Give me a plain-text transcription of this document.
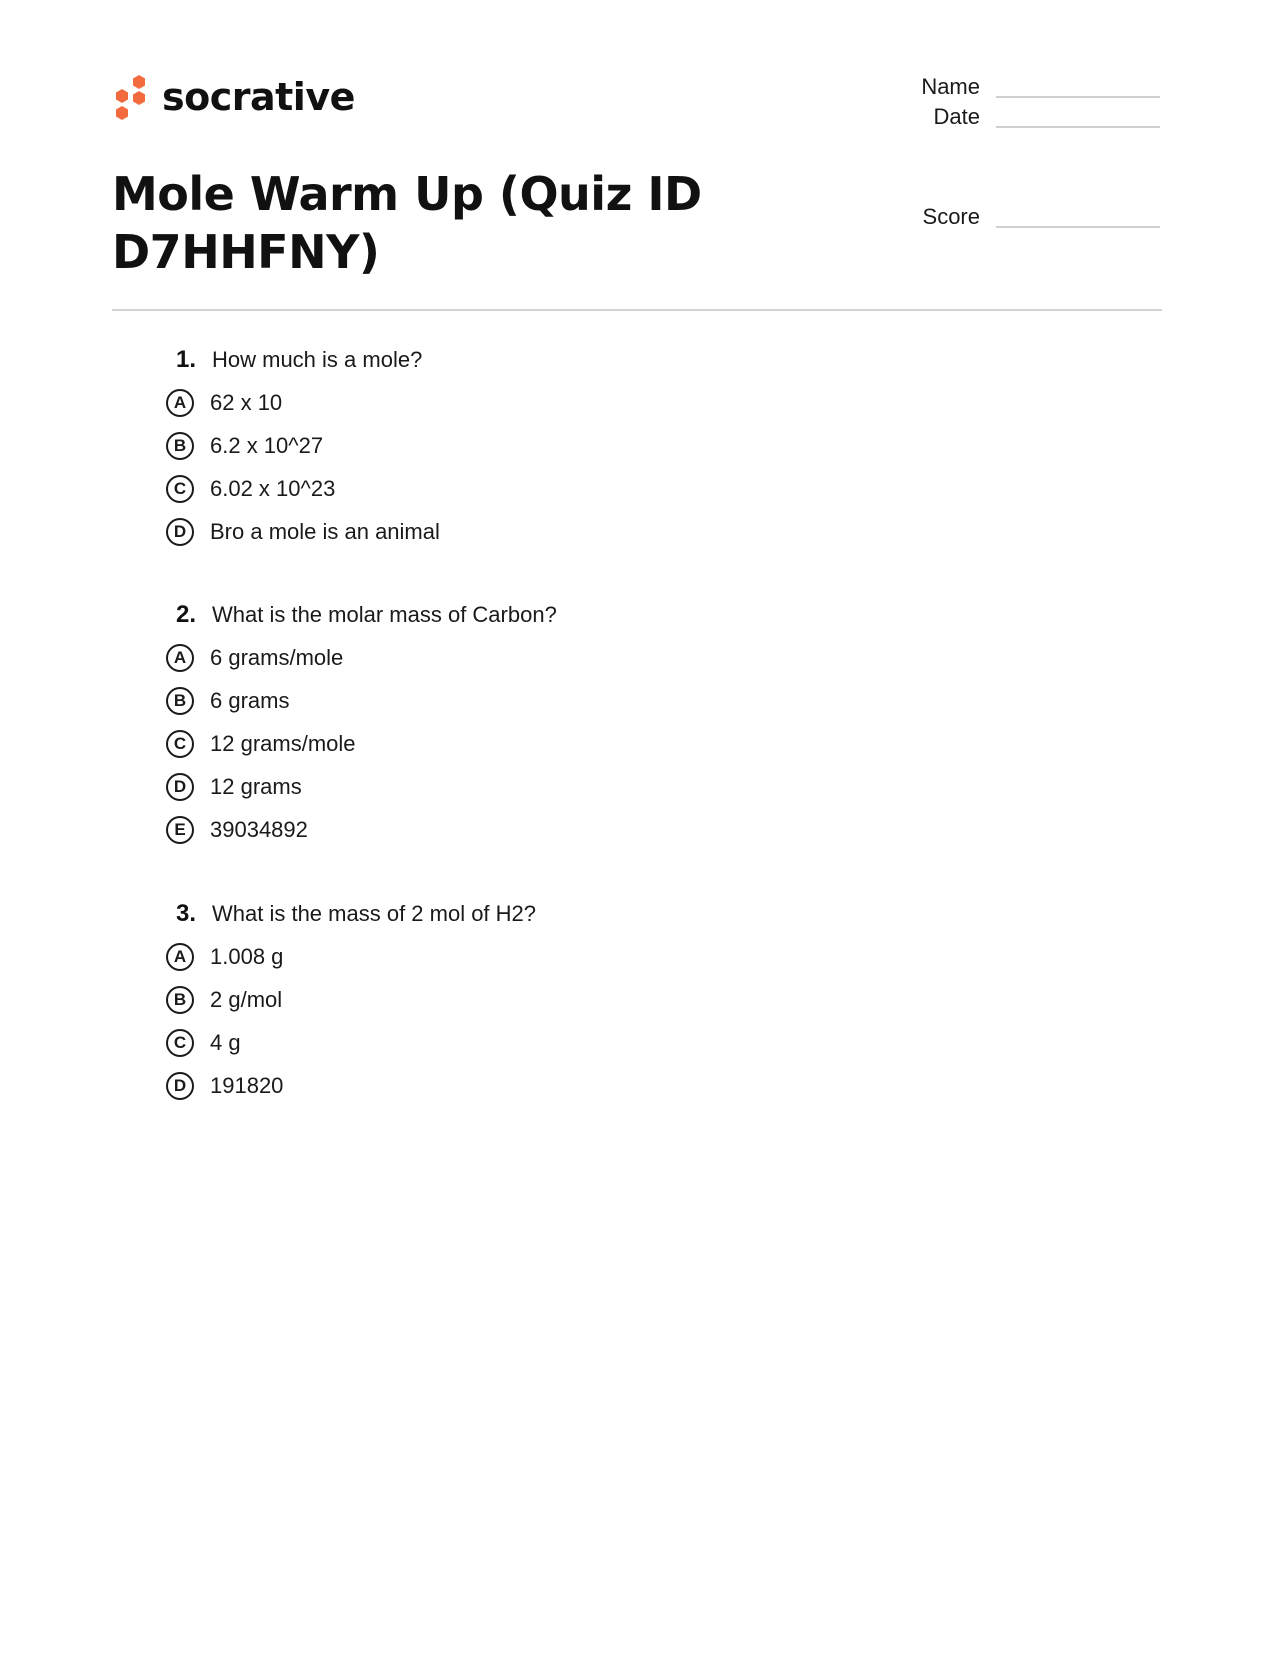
socrative	Name
Date
Score
Mole Warm Up (Quiz ID D7HHFNY)
1. How much is a mole?
A	62 x 10
B	6.2 x 10^27
C	6.02 x 10^23
D	Bro a mole is an animal
2. What is the molar mass of Carbon?
A	6 grams/mole
B	6 grams
C	12 grams/mole
D	12 grams
E	39034892
3. What is the mass of 2 mol of H2?
A	1.008 g
B	2 g/mol
C	4 g
D	191820
